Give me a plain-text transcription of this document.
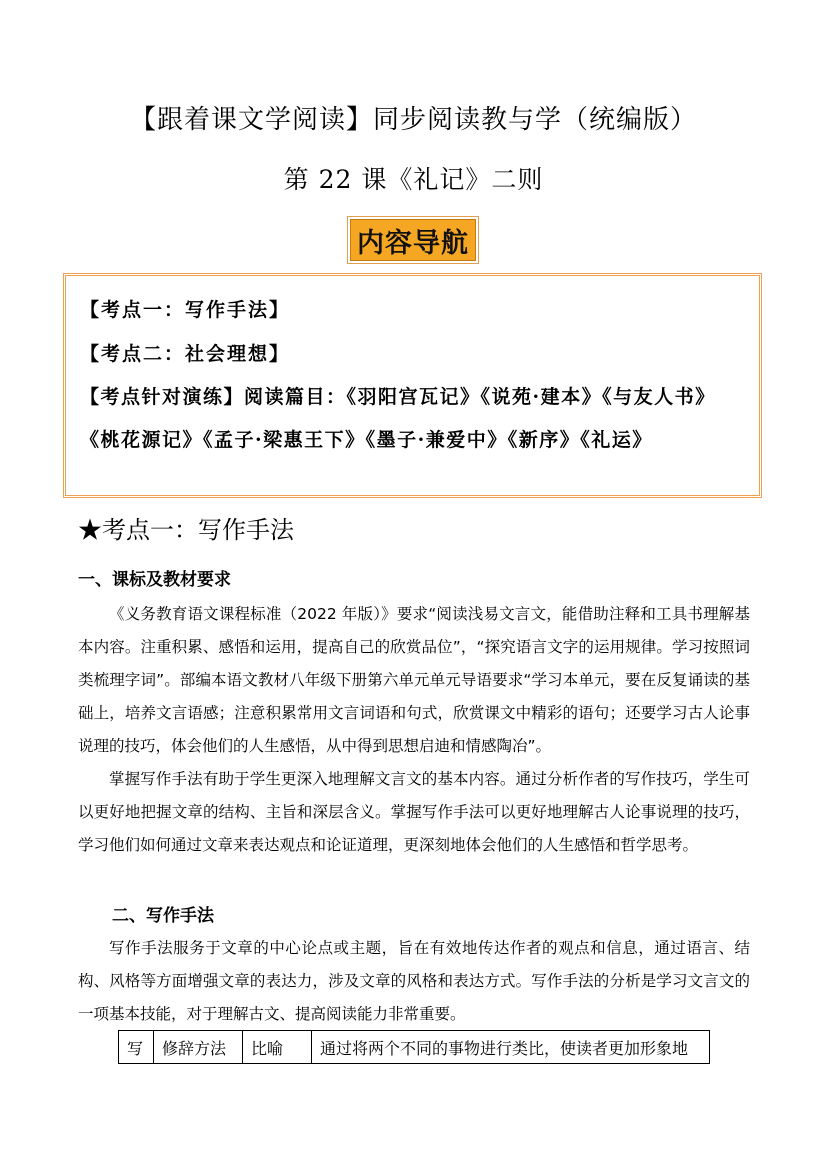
【跟着课文学阅读】同步阅读教与学（统编版）
第 22 课《礼记》二则
内容导航
【考点一：写作手法】
【考点二：社会理想】
【考点针对演练】阅读篇目：《羽阳宫瓦记》《说苑·建本》《与友人书》《桃花源记》《孟子·梁惠王下》《墨子·兼爱中》《新序》《礼运》
★考点一：写作手法
一、课标及教材要求

《义务教育语文课程标准（2022 年版）》要求“阅读浅易文言文，能借助注释和工具书理解基本内容。注重积累、感悟和运用，提高自己的欣赏品位”，“探究语言文字的运用规律。学习按照词类梳理字词”。部编本语文教材八年级下册第六单元单元导语要求“学习本单元，要在反复诵读的基础上，培养文言语感；注意积累常用文言词语和句式，欣赏课文中精彩的语句；还要学习古人论事说理的技巧，体会他们的人生感悟，从中得到思想启迪和情感陶冶”。

掌握写作手法有助于学生更深入地理解文言文的基本内容。通过分析作者的写作技巧，学生可以更好地把握文章的结构、主旨和深层含义。掌握写作手法可以更好地理解古人论事说理的技巧，学习他们如何通过文章来表达观点和论证道理，更深刻地体会他们的人生感悟和哲学思考。

二、写作手法

写作手法服务于文章的中心论点或主题，旨在有效地传达作者的观点和信息，通过语言、结构、风格等方面增强文章的表达力，涉及文章的风格和表达方式。写作手法的分析是学习文言文的一项基本技能，对于理解古文、提高阅读能力非常重要。

写	修辞方法	比喻	通过将两个不同的事物进行类比，使读者更加形象地
